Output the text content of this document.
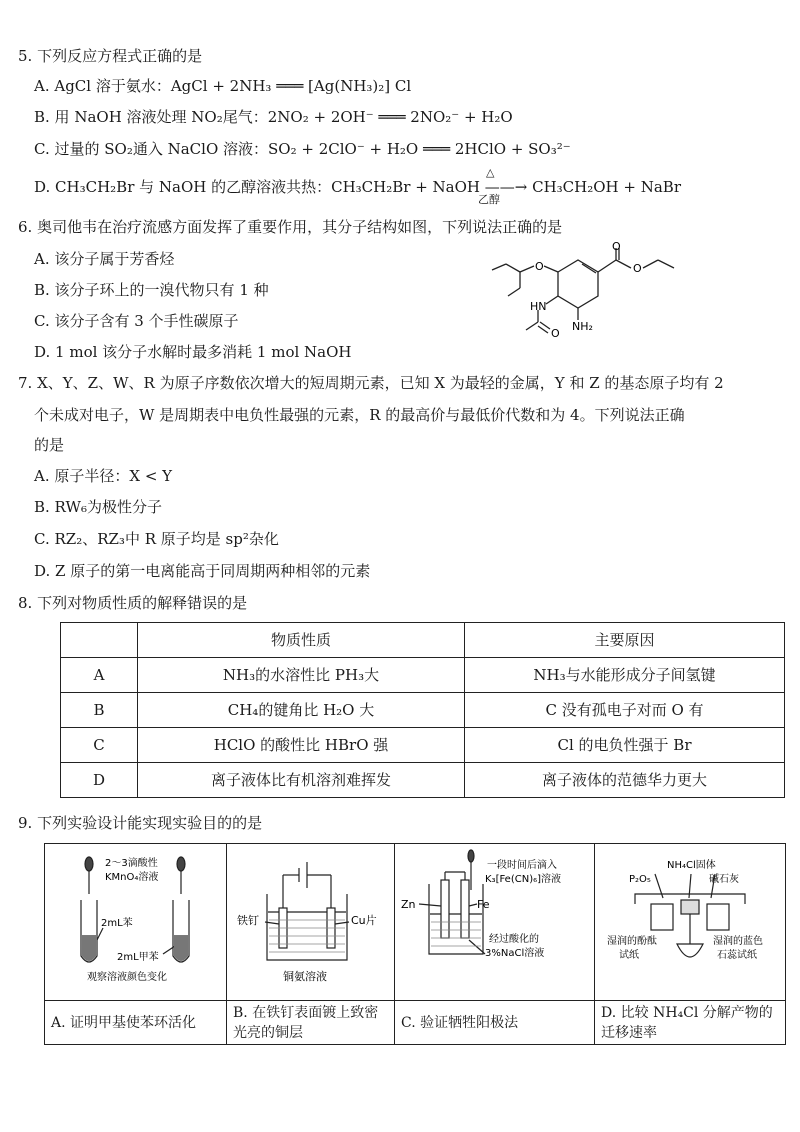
5. 下列反应方程式正确的是
A. AgCl 溶于氨水：AgCl + 2NH₃ ═══ [Ag(NH₃)₂] Cl
B. 用 NaOH 溶液处理 NO₂尾气：2NO₂ + 2OH⁻ ═══ 2NO₂⁻ + H₂O
C. 过量的 SO₂通入 NaClO 溶液：SO₂ + 2ClO⁻ + H₂O ═══ 2HClO + SO₃²⁻
D. CH₃CH₂Br 与 NaOH 的乙醇溶液共热：CH₃CH₂Br + NaOH ——→ CH₃CH₂OH + NaBr
△
乙醇
6. 奥司他韦在治疗流感方面发挥了重要作用，其分子结构如图，下列说法正确的是
A. 该分子属于芳香烃
B. 该分子环上的一溴代物只有 1 种
C. 该分子含有 3 个手性碳原子
D. 1 mol 该分子水解时最多消耗 1 mol NaOH
O
O
O
O
HN
NH₂
7. X、Y、Z、W、R 为原子序数依次增大的短周期元素，已知 X 为最轻的金属，Y 和 Z 的基态原子均有 2
个未成对电子，W 是周期表中电负性最强的元素，R 的最高价与最低价代数和为 4。下列说法正确
的是
A. 原子半径：X < Y
B. RW₆为极性分子
C. RZ₂、RZ₃中 R 原子均是 sp²杂化
D. Z 原子的第一电离能高于同周期两种相邻的元素
8. 下列对物质性质的解释错误的是
	物质性质	主要原因
A	NH₃的水溶性比 PH₃大	NH₃与水能形成分子间氢键
B	CH₄的键角比 H₂O 大	C 没有孤电子对而 O 有
C	HClO 的酸性比 HBrO 强	Cl 的电负性强于 Br
D	离子液体比有机溶剂难挥发	离子液体的范德华力更大
9. 下列实验设计能实现实验目的的是
2～3滴酸性
KMnO₄溶液
2mL苯
2mL甲苯
观察溶液颜色变化
A. 证明甲基使苯环活化
铁钉	Cu片
铜氨溶液
B. 在铁钉表面镀上致密光亮的铜层
Zn	Fe
一段时间后滴入
K₃[Fe(CN)₆]溶液
经过酸化的
3%NaCl溶液
C. 验证牺牲阳极法
NH₄Cl固体
P₂O₅	碱石灰
湿润的酚酞
试纸
湿润的蓝色
石蕊试纸
D. 比较 NH₄Cl 分解产物的迁移速率
